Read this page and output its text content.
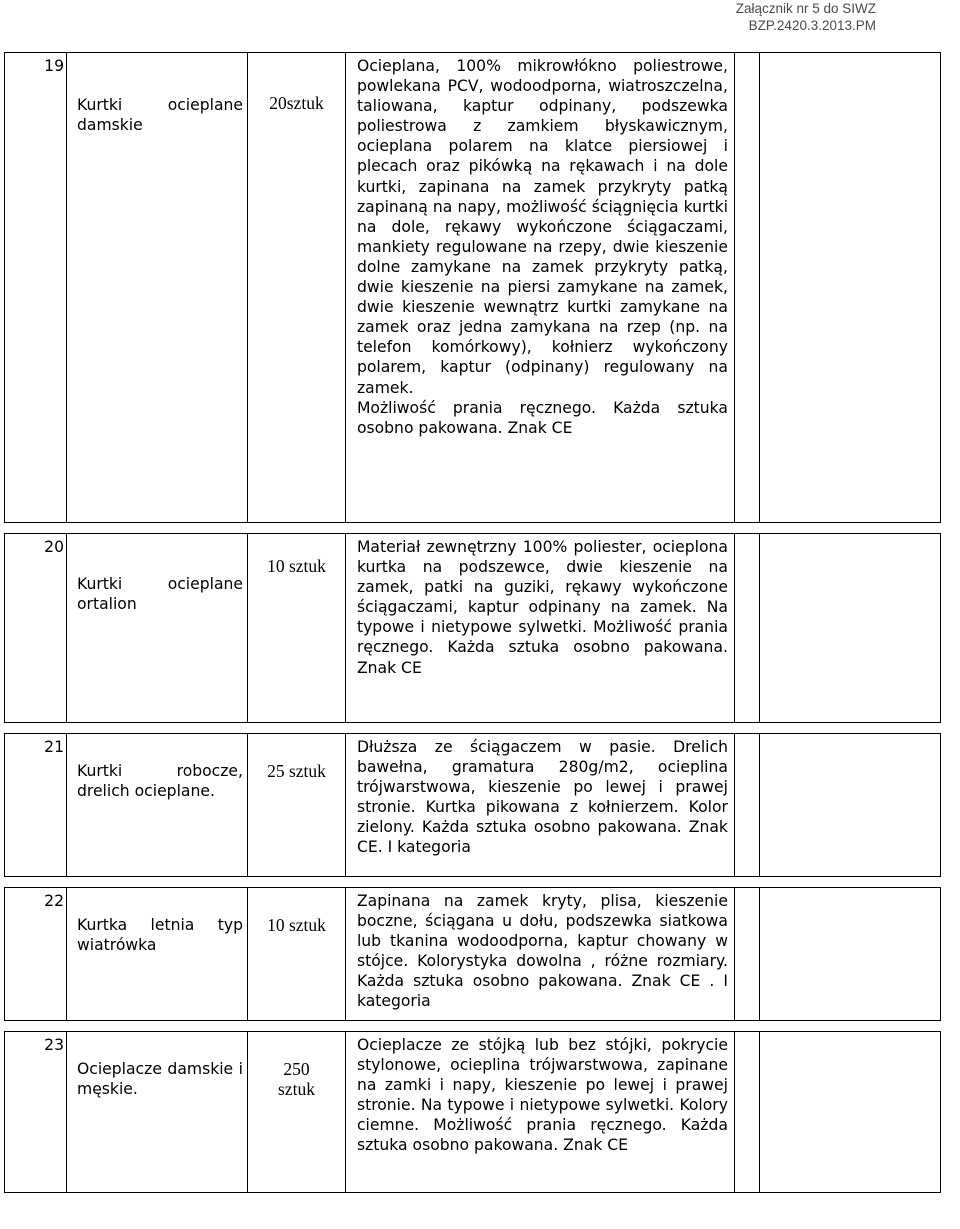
Załącznik nr 5 do SIWZ
BZP.2420.3.2013.PM
19	Kurtki ocieplane damskie	20sztuk	Ocieplana, 100% mikrowłókno poliestrowe, powlekana PCV, wodoodporna, wiatroszczelna, taliowana, kaptur odpinany, podszewka poliestrowa z zamkiem błyskawicznym, ocieplana polarem na klatce piersiowej i plecach oraz pikówką na rękawach i na dole kurtki, zapinana na zamek przykryty patką zapinaną na napy, możliwość ściągnięcia kurtki na dole, rękawy wykończone ściągaczami, mankiety regulowane na rzepy, dwie kieszenie dolne zamykane na zamek przykryty patką, dwie kieszenie na piersi zamykane na zamek, dwie kieszenie wewnątrz kurtki zamykane na zamek oraz jedna zamykana na rzep (np. na telefon komórkowy), kołnierz wykończony polarem, kaptur (odpinany) regulowany na zamek.
Możliwość prania ręcznego. Każda sztuka osobno pakowana. Znak CE		

20	Kurtki ocieplane ortalion	10 sztuk	Materiał zewnętrzny 100% poliester, ocieplona kurtka na podszewce, dwie kieszenie na zamek, patki na guziki, rękawy wykończone ściągaczami, kaptur odpinany na zamek. Na typowe i nietypowe sylwetki. Możliwość prania ręcznego. Każda sztuka osobno pakowana. Znak CE		

21	Kurtki robocze, drelich ocieplane.	25 sztuk	Dłuższa ze ściągaczem w pasie. Drelich bawełna, gramatura 280g/m2, ocieplina trójwarstwowa, kieszenie po lewej i prawej stronie. Kurtka pikowana z kołnierzem. Kolor zielony. Każda sztuka osobno pakowana. Znak CE. I kategoria		

22	Kurtka letnia typ wiatrówka	10 sztuk	Zapinana na zamek kryty, plisa, kieszenie boczne, ściągana u dołu, podszewka siatkowa lub tkanina wodoodporna, kaptur chowany w stójce. Kolorystyka dowolna , różne rozmiary. Każda sztuka osobno pakowana. Znak CE . I kategoria		

23	Ocieplacze damskie i męskie.	250 sztuk	Ocieplacze ze stójką lub bez stójki, pokrycie stylonowe, ocieplina trójwarstwowa, zapinane na zamki i napy, kieszenie po lewej i prawej stronie. Na typowe i nietypowe sylwetki. Kolory ciemne. Możliwość prania ręcznego. Każda sztuka osobno pakowana. Znak CE		
